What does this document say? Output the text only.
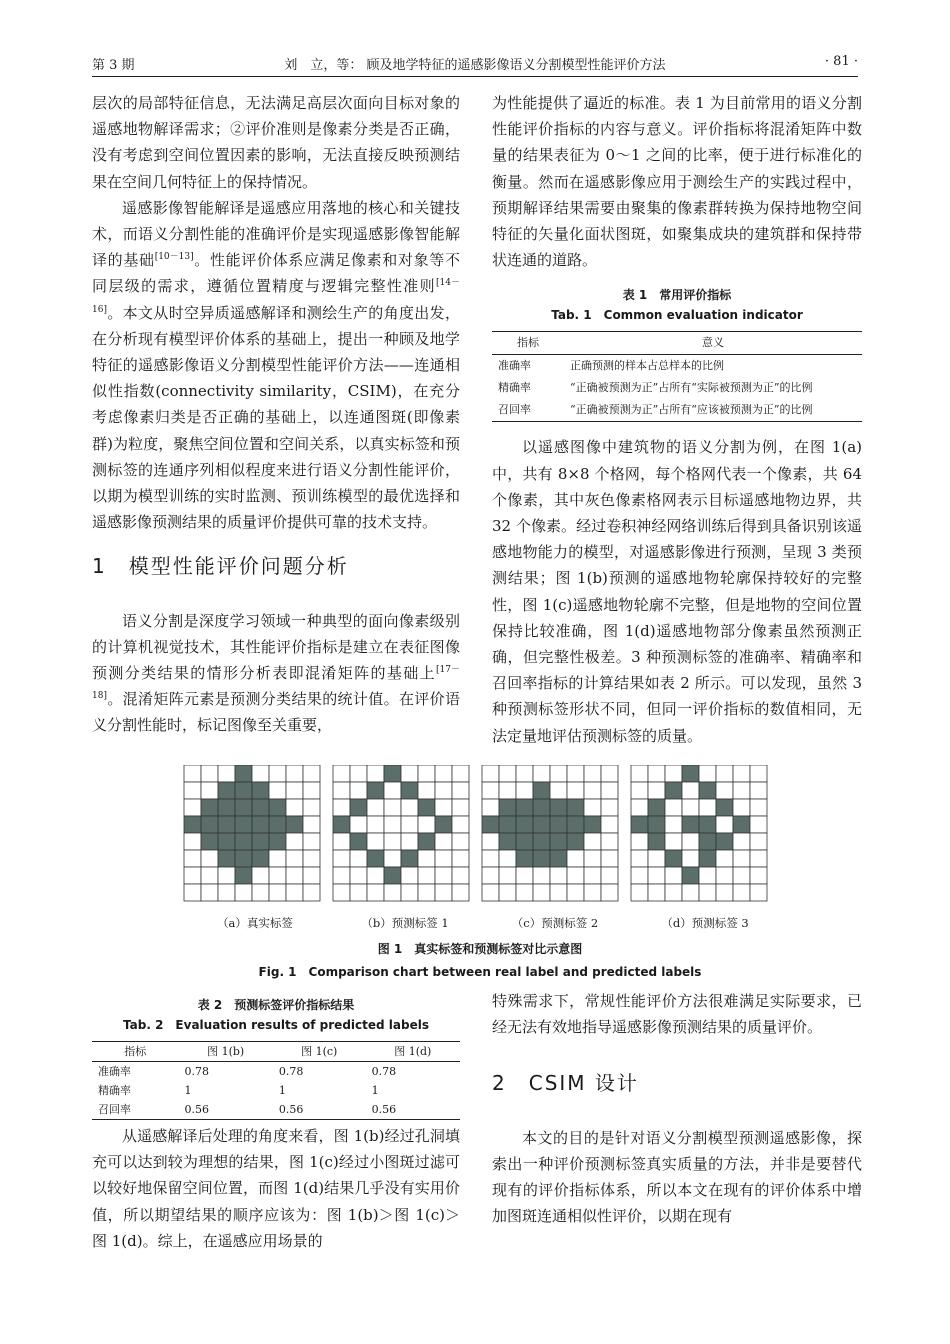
第 3 期	刘　立，等： 顾及地学特征的遥感影像语义分割模型性能评价方法	· 81 ·

层次的局部特征信息，无法满足高层次面向目标对象的遥感地物解译需求；②评价准则是像素分类是否正确，没有考虑到空间位置因素的影响，无法直接反映预测结果在空间几何特征上的保持情况。

遥感影像智能解译是遥感应用落地的核心和关键技术，而语义分割性能的准确评价是实现遥感影像智能解译的基础[10－13]。性能评价体系应满足像素和对象等不同层级的需求，遵循位置精度与逻辑完整性准则[14－16]。本文从时空异质遥感解译和测绘生产的角度出发，在分析现有模型评价体系的基础上，提出一种顾及地学特征的遥感影像语义分割模型性能评价方法——连通相似性指数(connectivity similarity，CSIM)，在充分考虑像素归类是否正确的基础上，以连通图斑(即像素群)为粒度，聚焦空间位置和空间关系，以真实标签和预测标签的连通序列相似程度来进行语义分割性能评价，以期为模型训练的实时监测、预训练模型的最优选择和遥感影像预测结果的质量评价提供可靠的技术支持。

1 模型性能评价问题分析

语义分割是深度学习领域一种典型的面向像素级别的计算机视觉技术，其性能评价指标是建立在表征图像预测分类结果的情形分析表即混淆矩阵的基础上[17－18]。混淆矩阵元素是预测分类结果的统计值。在评价语义分割性能时，标记图像至关重要，

为性能提供了逼近的标准。表 1 为目前常用的语义分割性能评价指标的内容与意义。评价指标将混淆矩阵中数量的结果表征为 0～1 之间的比率，便于进行标准化的衡量。然而在遥感影像应用于测绘生产的实践过程中，预期解译结果需要由聚集的像素群转换为保持地物空间特征的矢量化面状图斑，如聚集成块的建筑群和保持带状连通的道路。

表 1　常用评价指标
Tab. 1　Common evaluation indicator
指标	意义
准确率	正确预测的样本占总样本的比例
精确率	“正确被预测为正”占所有“实际被预测为正”的比例
召回率	“正确被预测为正”占所有“应该被预测为正”的比例

以遥感图像中建筑物的语义分割为例，在图 1(a)中，共有 8×8 个格网，每个格网代表一个像素，共 64 个像素，其中灰色像素格网表示目标遥感地物边界，共 32 个像素。经过卷积神经网络训练后得到具备识别该遥感地物能力的模型，对遥感影像进行预测，呈现 3 类预测结果；图 1(b)预测的遥感地物轮廓保持较好的完整性，图 1(c)遥感地物轮廓不完整，但是地物的空间位置保持比较准确，图 1(d)遥感地物部分像素虽然预测正确，但完整性极差。3 种预测标签的准确率、精确率和召回率指标的计算结果如表 2 所示。可以发现，虽然 3 种预测标签形状不同，但同一评价指标的数值相同，无法定量地评估预测标签的质量。

（a）真实标签	（b）预测标签 1	（c）预测标签 2	（d）预测标签 3
图 1　真实标签和预测标签对比示意图
Fig. 1　Comparison chart between real label and predicted labels
表 2　预测标签评价指标结果
Tab. 2　Evaluation results of predicted labels
指标	图 1(b)	图 1(c)	图 1(d)
准确率	0.78	0.78	0.78
精确率	1	1	1
召回率	0.56	0.56	0.56

从遥感解译后处理的角度来看，图 1(b)经过孔洞填充可以达到较为理想的结果，图 1(c)经过小图斑过滤可以较好地保留空间位置，而图 1(d)结果几乎没有实用价值，所以期望结果的顺序应该为：图 1(b)＞图 1(c)＞图 1(d)。综上，在遥感应用场景的

特殊需求下，常规性能评价方法很难满足实际要求，已经无法有效地指导遥感影像预测结果的质量评价。

2 CSIM 设计

本文的目的是针对语义分割模型预测遥感影像，探索出一种评价预测标签真实质量的方法，并非是要替代现有的评价指标体系，所以本文在现有的评价体系中增加图斑连通相似性评价，以期在现有
